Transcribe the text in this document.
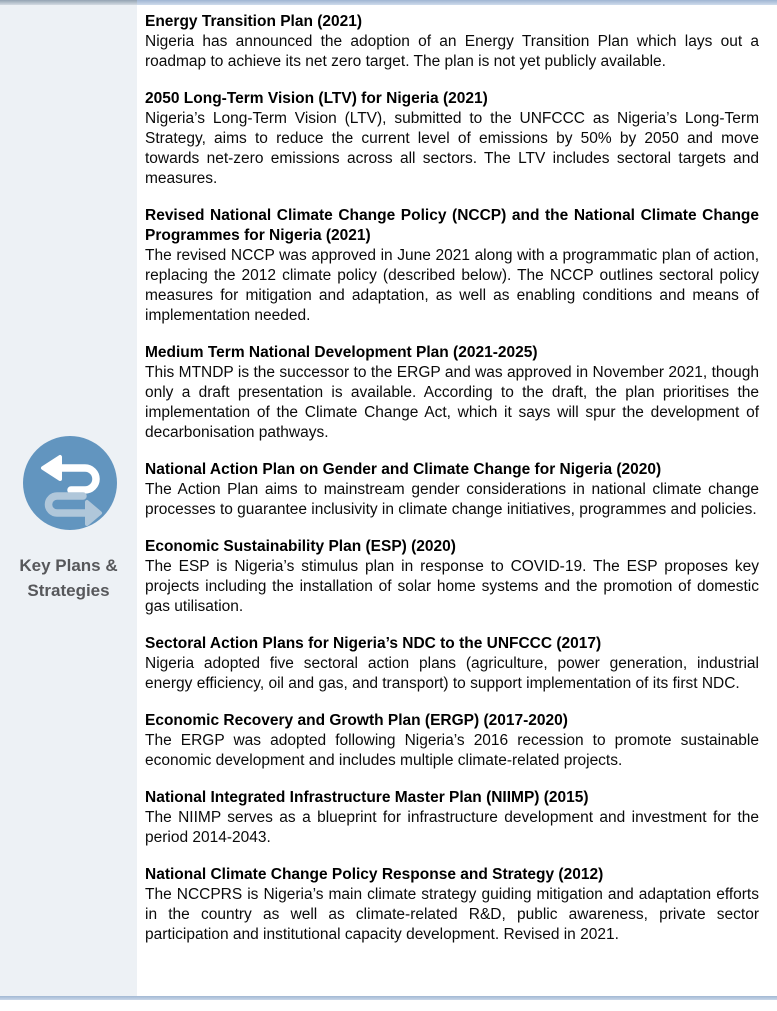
Key Plans &
Strategies
Energy Transition Plan (2021)

Nigeria has announced the adoption of an Energy Transition Plan which lays out a roadmap to achieve its net zero target. The plan is not yet publicly available.

2050 Long-Term Vision (LTV) for Nigeria (2021)

Nigeria’s Long-Term Vision (LTV), submitted to the UNFCCC as Nigeria’s Long-Term Strategy, aims to reduce the current level of emissions by 50% by 2050 and move towards net-zero emissions across all sectors. The LTV includes sectoral targets and measures.

Revised National Climate Change Policy (NCCP) and the National Climate Change Programmes for Nigeria (2021)

The revised NCCP was approved in June 2021 along with a programmatic plan of action, replacing the 2012 climate policy (described below). The NCCP outlines sectoral policy measures for mitigation and adaptation, as well as enabling conditions and means of implementation needed.

Medium Term National Development Plan (2021-2025)

This MTNDP is the successor to the ERGP and was approved in November 2021, though only a draft presentation is available. According to the draft, the plan prioritises the implementation of the Climate Change Act, which it says will spur the development of decarbonisation pathways.

National Action Plan on Gender and Climate Change for Nigeria (2020)

The Action Plan aims to mainstream gender considerations in national climate change processes to guarantee inclusivity in climate change initiatives, programmes and policies.

Economic Sustainability Plan (ESP) (2020)

The ESP is Nigeria’s stimulus plan in response to COVID-19. The ESP proposes key projects including the installation of solar home systems and the promotion of domestic gas utilisation.

Sectoral Action Plans for Nigeria’s NDC to the UNFCCC (2017)

Nigeria adopted five sectoral action plans (agriculture, power generation, industrial energy efficiency, oil and gas, and transport) to support implementation of its first NDC.

Economic Recovery and Growth Plan (ERGP) (2017-2020)

The ERGP was adopted following Nigeria’s 2016 recession to promote sustainable economic development and includes multiple climate-related projects.

National Integrated Infrastructure Master Plan (NIIMP) (2015)

The NIIMP serves as a blueprint for infrastructure development and investment for the period 2014-2043.

National Climate Change Policy Response and Strategy (2012)

The NCCPRS is Nigeria’s main climate strategy guiding mitigation and adaptation efforts in the country as well as climate-related R&D, public awareness, private sector participation and institutional capacity development. Revised in 2021.
